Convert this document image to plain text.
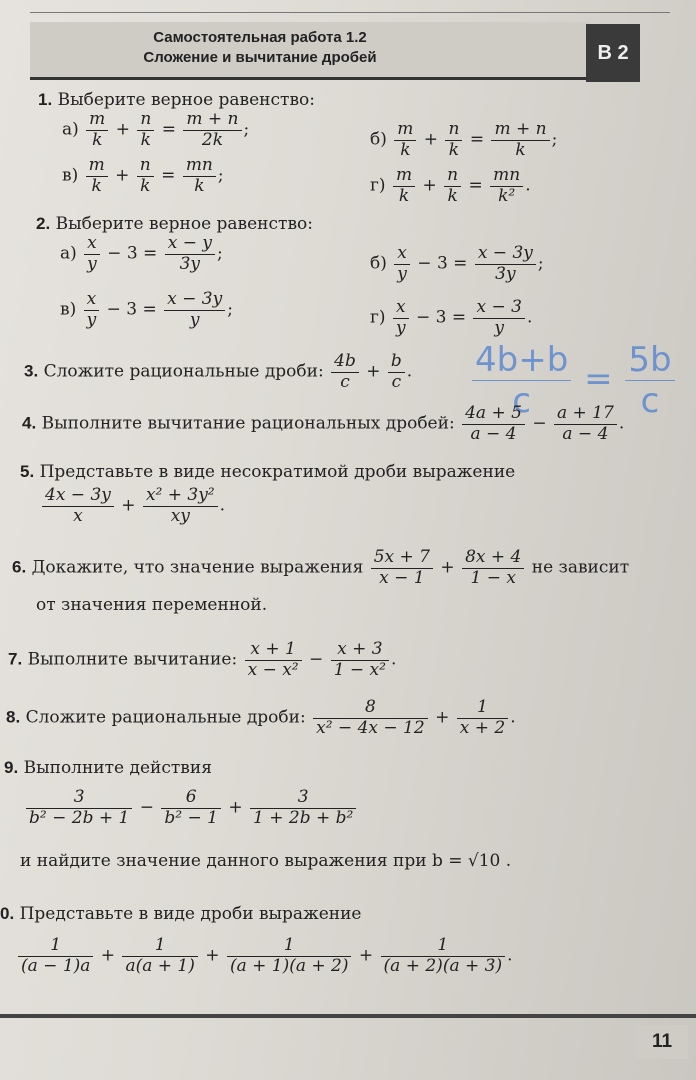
Самостоятельная работа 1.2
Сложение и вычитание дробей	В 2
1. Выберите верное равенство:
$а) \frac{m}{k} + \frac{n}{k} = \frac{m + n}{2k}$ ;	$б) \frac{m}{k} + \frac{n}{k} = \frac{m + n}{k}$ ;
$в) \frac{m}{k} + \frac{n}{k} = \frac{mn}{k}$ ;	$г) \frac{m}{k} + \frac{n}{k} = \frac{mn}{\text{k²}}$ .
2. Выберите верное равенство:
$а) \frac{x}{y} - 3 = \frac{x - y}{3y}$ ;	$б) \frac{x}{y} - 3 = \frac{x - 3y}{3y}$ ;
$в) \frac{x}{y} - 3 = \frac{x - 3y}{y}$ ;	$г) \frac{x}{y} - 3 = \frac{x - 3}{y}$ .
3. Сложите рациональные дроби: $\frac{4b}{c} + \frac{b}{c}$ . $\frac{4b+b}{c} = \frac{5b}{c}$
4. Выполните вычитание рациональных дробей: $\frac{4a + 5}{a - 4} - \frac{a + 17}{a - 4}$ .
5. Представьте в виде несократимой дроби выражение
$\frac{4x - 3y}{x} + \frac{\text{x² + 3y²}}{xy}$ .
6. Докажите, что значение выражения $\frac{5x + 7}{x - 1} + \frac{8x + 4}{1 - x}$ не зависит
от значения переменной.
7. Выполните вычитание: $\frac{x + 1}{\text{x − x²}} - \frac{x + 3}{\text{1 − x²}}$ .
8. Сложите рациональные дроби: $\frac{8}{\text{x² − 4x − 12}} + \frac{1}{x + 2}$ .
9. Выполните действия
$\frac{3}{\text{b² − 2b + 1}} - \frac{6}{\text{b² − 1}} + \frac{3}{\text{1 + 2b + b²}}$
и найдите значение данного выражения при b = √10 .
0. Представьте в виде дроби выражение
$\frac{1}{(a - 1)a} + \frac{1}{a(a + 1)} + \frac{1}{(a + 1)(a + 2)} + \frac{1}{(a + 2)(a + 3)}$ .
11
